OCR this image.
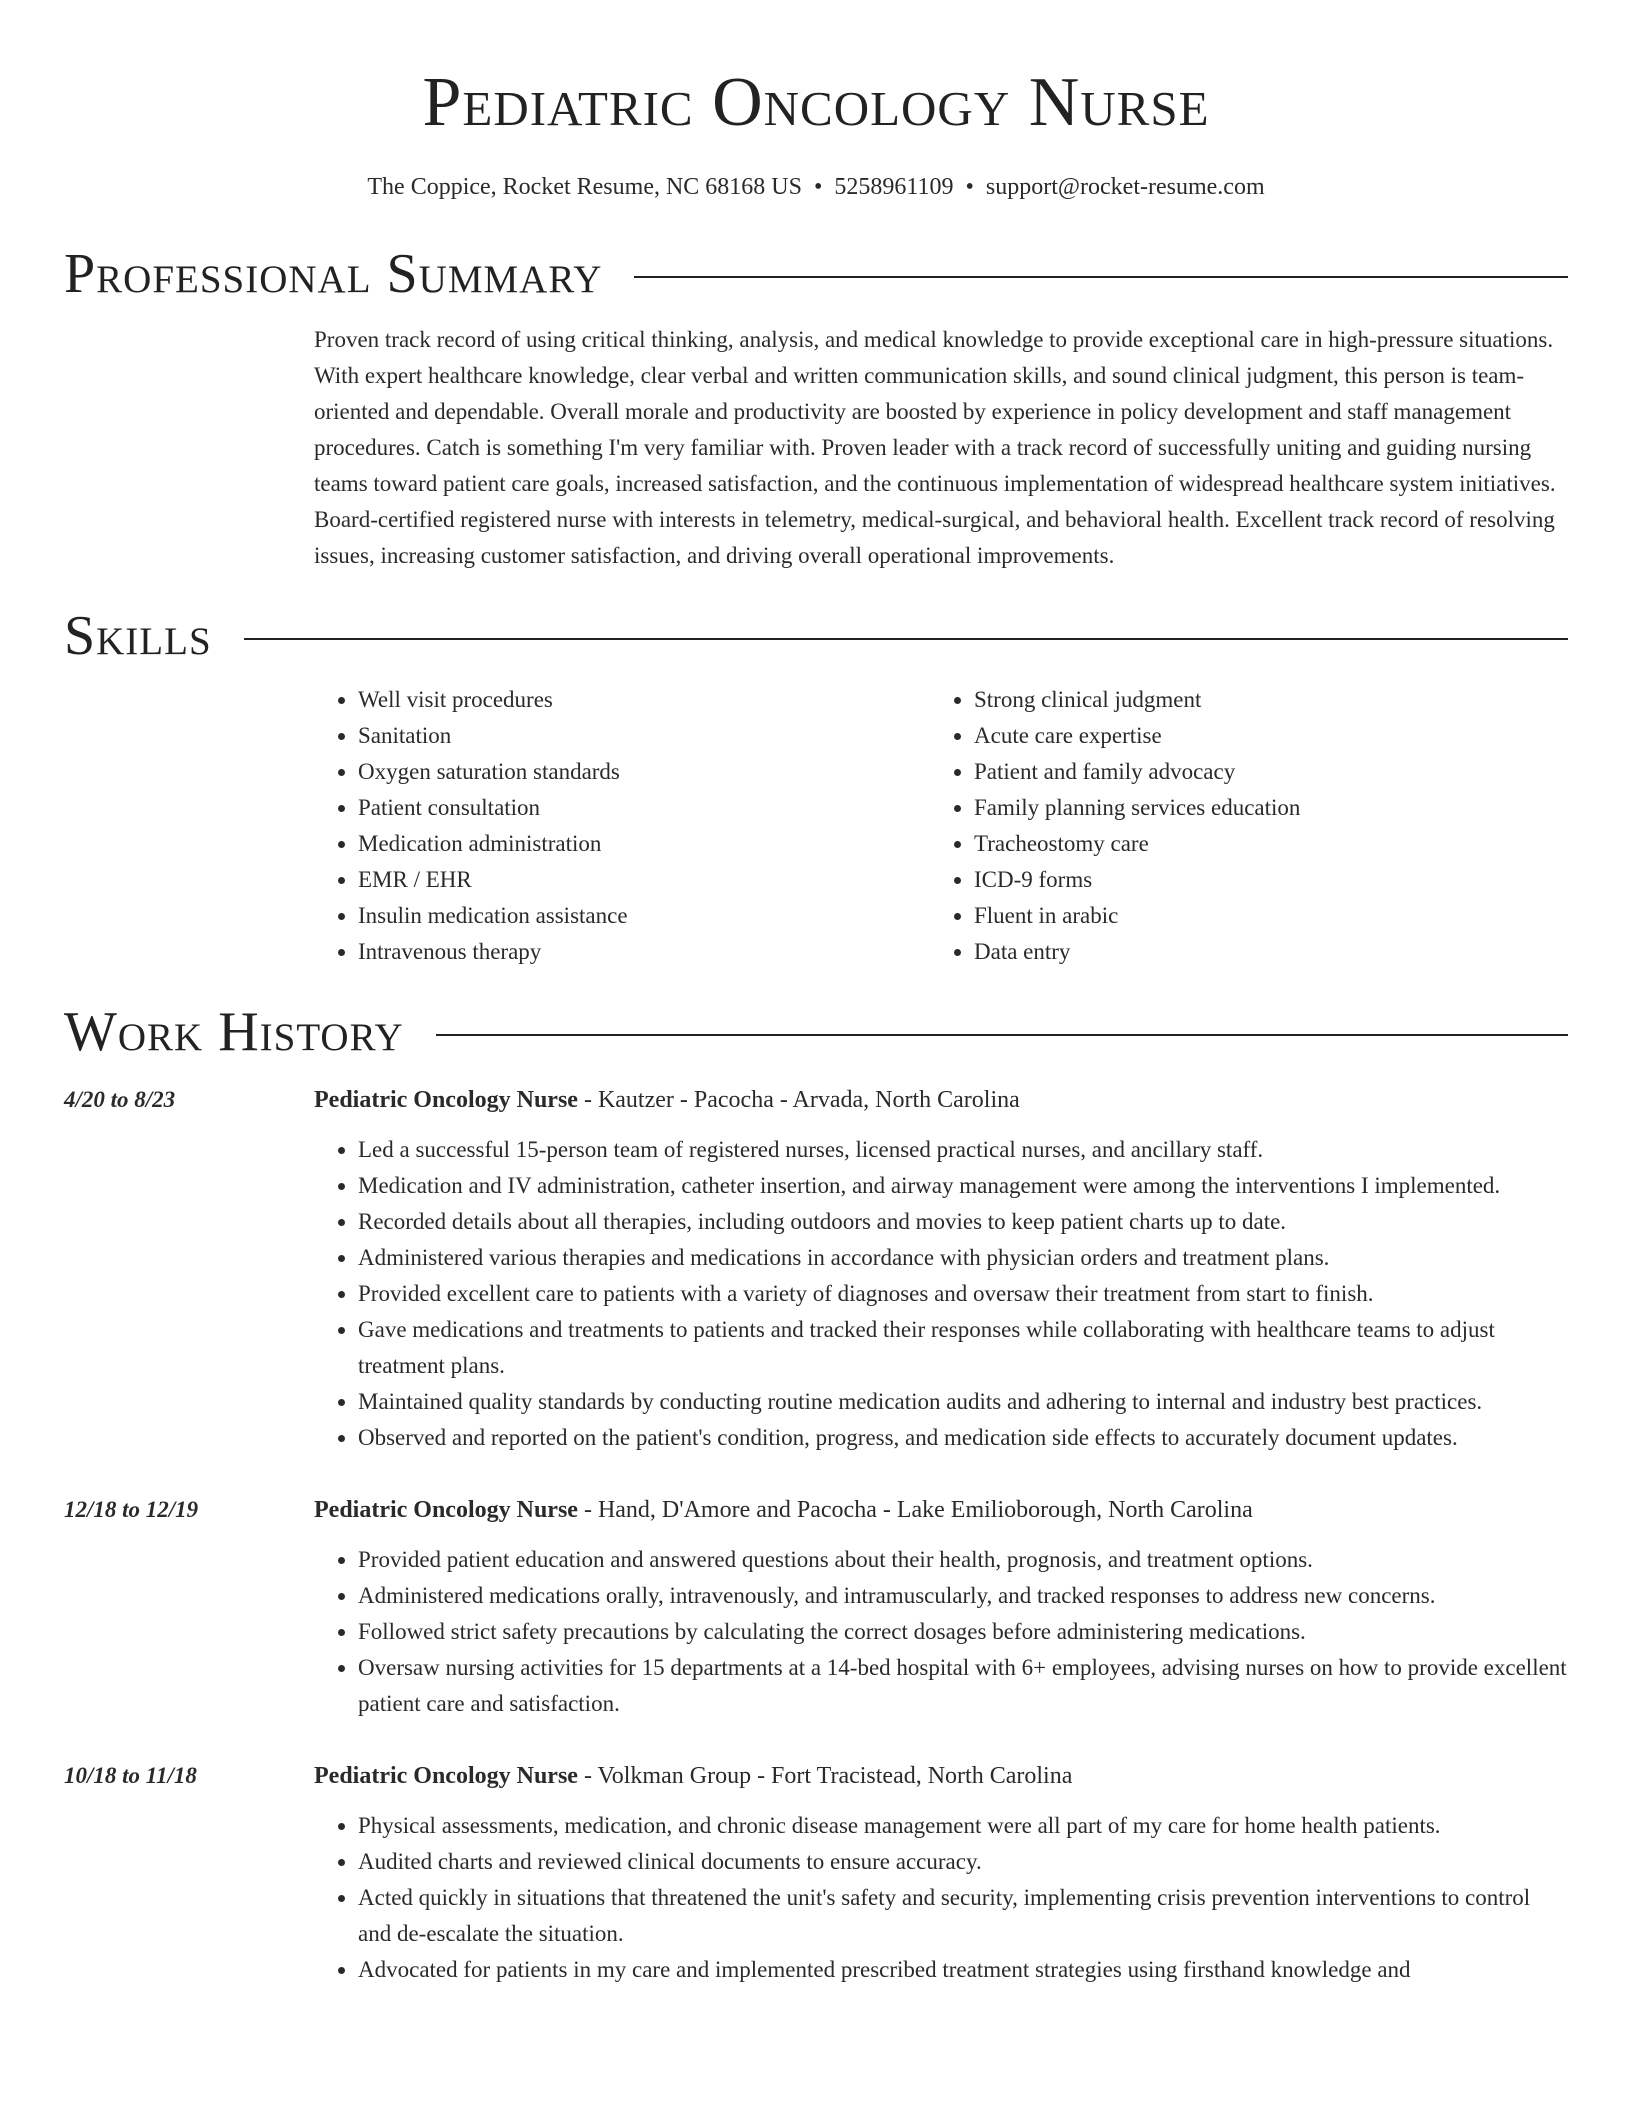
Pediatric Oncology Nurse
The Coppice, Rocket Resume, NC 68168 US • 5258961109 • support@rocket-resume.com
Professional Summary
Proven track record of using critical thinking, analysis, and medical knowledge to provide exceptional care in high-pressure situations. With expert healthcare knowledge, clear verbal and written communication skills, and sound clinical judgment, this person is team-oriented and dependable. Overall morale and productivity are boosted by experience in policy development and staff management procedures. Catch is something I'm very familiar with. Proven leader with a track record of successfully uniting and guiding nursing teams toward patient care goals, increased satisfaction, and the continuous implementation of widespread healthcare system initiatives. Board-certified registered nurse with interests in telemetry, medical-surgical, and behavioral health. Excellent track record of resolving issues, increasing customer satisfaction, and driving overall operational improvements.
Skills
• Well visit procedures
• Sanitation
• Oxygen saturation standards
• Patient consultation
• Medication administration
• EMR / EHR
• Insulin medication assistance
• Intravenous therapy
• Strong clinical judgment
• Acute care expertise
• Patient and family advocacy
• Family planning services education
• Tracheostomy care
• ICD-9 forms
• Fluent in arabic
• Data entry
Work History
4/20 to 8/23	Pediatric Oncology Nurse - Kautzer - Pacocha - Arvada, North Carolina
• Led a successful 15-person team of registered nurses, licensed practical nurses, and ancillary staff.
• Medication and IV administration, catheter insertion, and airway management were among the interventions I implemented.
• Recorded details about all therapies, including outdoors and movies to keep patient charts up to date.
• Administered various therapies and medications in accordance with physician orders and treatment plans.
• Provided excellent care to patients with a variety of diagnoses and oversaw their treatment from start to finish.
• Gave medications and treatments to patients and tracked their responses while collaborating with healthcare teams to adjust treatment plans.
• Maintained quality standards by conducting routine medication audits and adhering to internal and industry best practices.
• Observed and reported on the patient's condition, progress, and medication side effects to accurately document updates.
12/18 to 12/19	Pediatric Oncology Nurse - Hand, D'Amore and Pacocha - Lake Emilioborough, North Carolina
• Provided patient education and answered questions about their health, prognosis, and treatment options.
• Administered medications orally, intravenously, and intramuscularly, and tracked responses to address new concerns.
• Followed strict safety precautions by calculating the correct dosages before administering medications.
• Oversaw nursing activities for 15 departments at a 14-bed hospital with 6+ employees, advising nurses on how to provide excellent patient care and satisfaction.
10/18 to 11/18	Pediatric Oncology Nurse - Volkman Group - Fort Tracistead, North Carolina
• Physical assessments, medication, and chronic disease management were all part of my care for home health patients.
• Audited charts and reviewed clinical documents to ensure accuracy.
• Acted quickly in situations that threatened the unit's safety and security, implementing crisis prevention interventions to control and de-escalate the situation.
• Advocated for patients in my care and implemented prescribed treatment strategies using firsthand knowledge and
